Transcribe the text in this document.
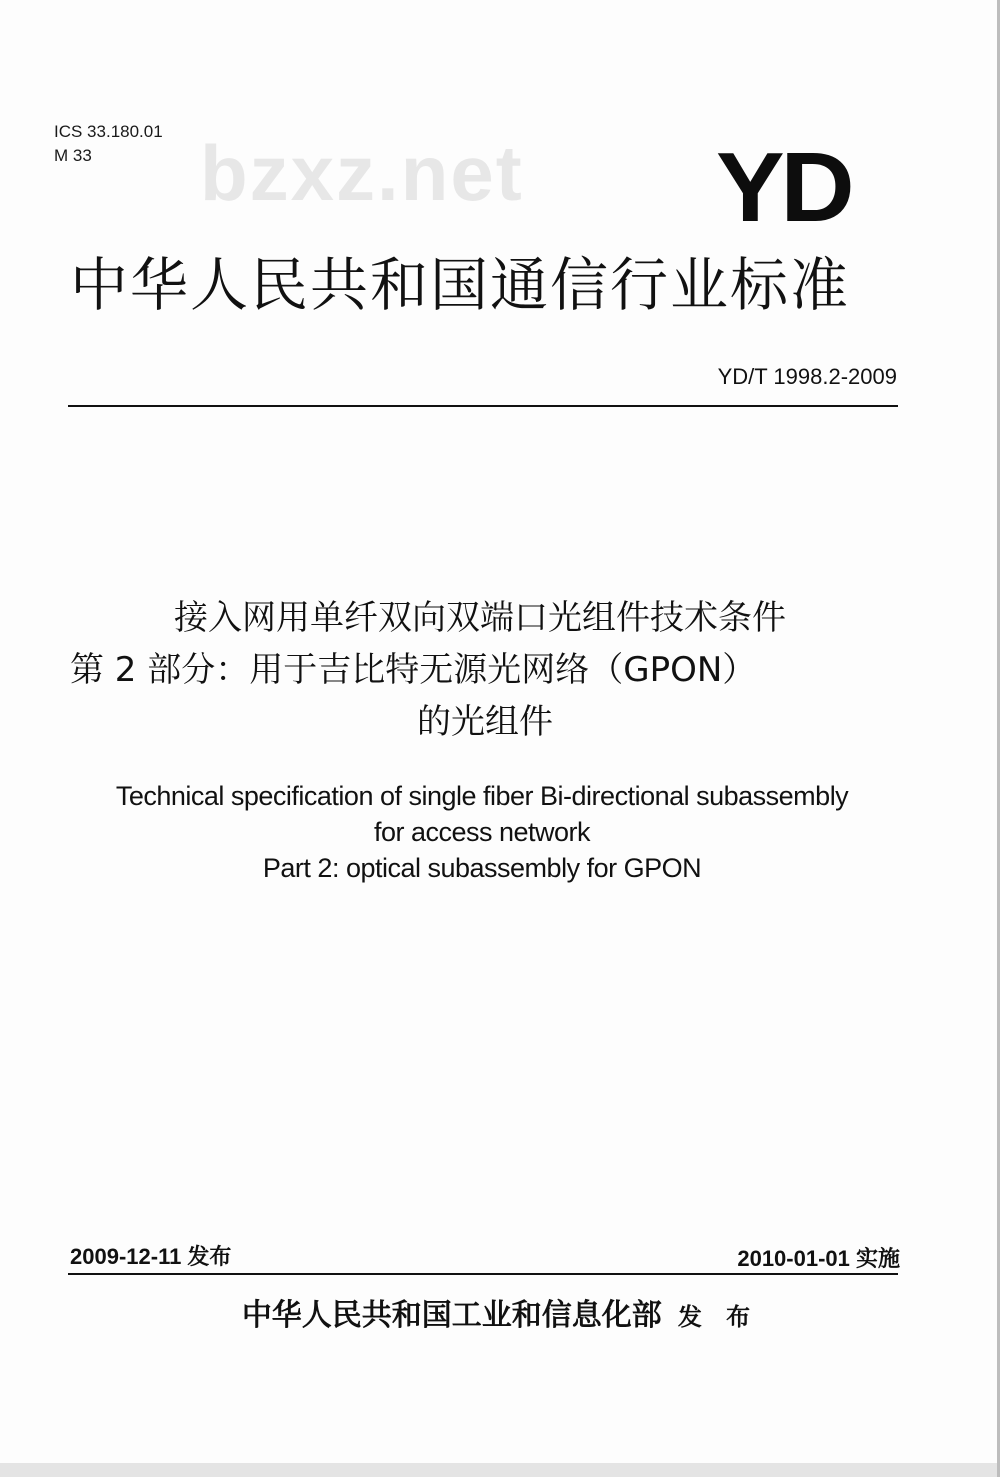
ICS 33.180.01
M 33	bzxz.net YD
中华人民共和国通信行业标准
YD/T 1998.2-2009
接入网用单纤双向双端口光组件技术条件
第 2 部分：用于吉比特无源光网络（GPON）
的光组件
Technical specification of single fiber Bi-directional subassembly
for access network
Part 2: optical subassembly for GPON
2009-12-11 发布	2010-01-01 实施
中华人民共和国工业和信息化部 发 布
